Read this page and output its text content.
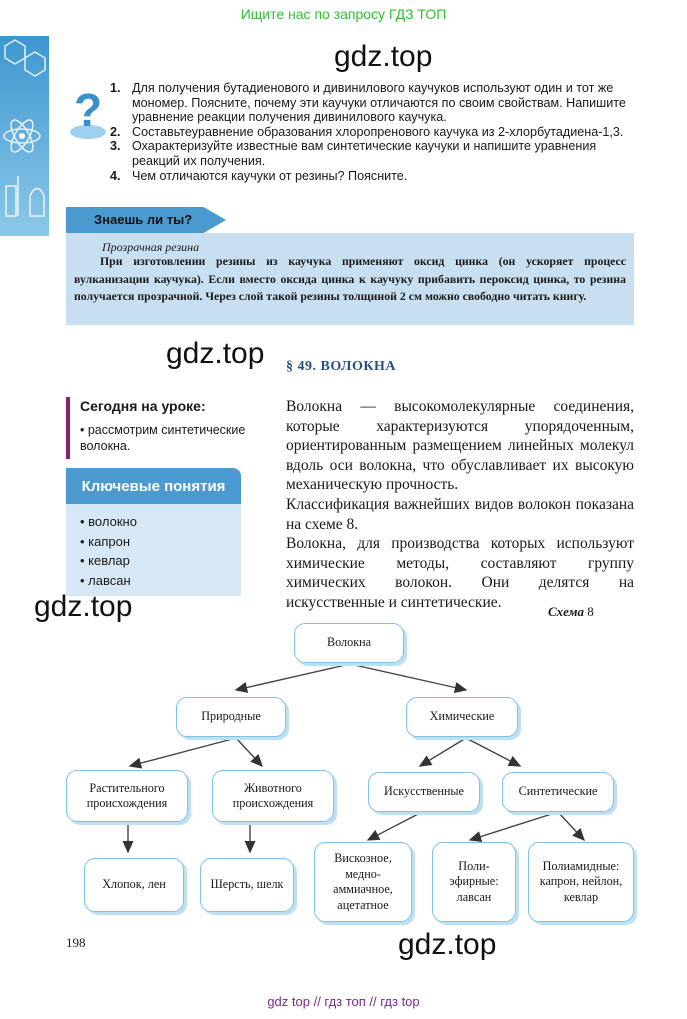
Ищите нас по запросу ГДЗ ТОП
?
gdz.top
1. Для получения бутадиенового и дивинилового каучуков используют один и тот же мономер. Поясните, почему эти каучуки отличаются по своим свойствам. Напишите уравнение реакции получения дивинилового каучука.
2. Составьтеуравнение образования хлоропренового каучука из 2-хлорбутадиена-1,3.
3. Охарактеризуйте известные вам синтетические каучуки и напишите уравнения реакций их получения.
4. Чем отличаются каучуки от резины? Поясните.
Знаешь ли ты?
Прозрачная резина
При изготовлении резины из каучука применяют оксид цинка (он ускоряет процесс вулканизации каучука). Если вместо оксида цинка к каучуку прибавить пероксид цинка, то резина получается прозрачной. Через слой такой резины толщиной 2 см можно свободно читать книгу.
gdz.top § 49. ВОЛОКНА
Сегодня на уроке:
• рассмотрим синтетические волокна.
Ключевые понятия
• волокно
• капрон
• кевлар
• лавсан
gdz.top

Волокна — высокомолекулярные соединения, которые характеризуются упорядоченным, ориентированным размещением линейных молекул вдоль оси волокна, что обуславливает их высокую механическую прочность.

Классификация важнейших видов волокон показана на схеме 8.

Волокна, для производства которых используют химические методы, составляют группу химических волокон. Они делятся на искусственные и синтетические.

Схема 8
Волокна
Природные	Химические
Растительного происхождения
Животного происхождения
Искусственные	Синтетические
Хлопок, лен	Шерсть, шелк
Вискозное, медно-аммиачное, ацетатное
Поли-эфирные: лавсан
Полиамидные: капрон, нейлон, кевлар
198	gdz.top
gdz top // гдз топ // гдз top
